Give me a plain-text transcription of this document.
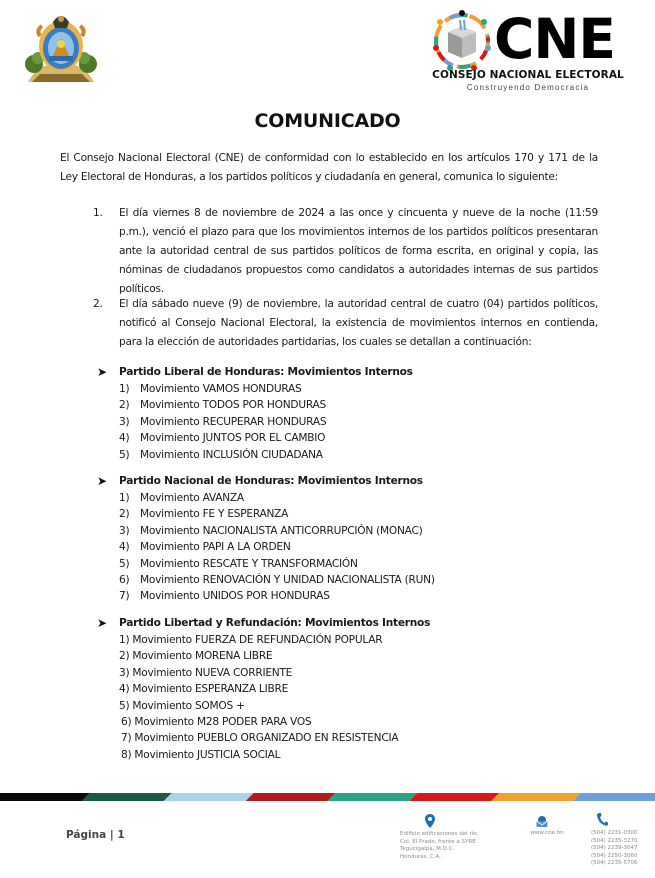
CNE
CONSEJO NACIONAL ELECTORAL
Construyendo Democracia
COMUNICADO
El Consejo Nacional Electoral (CNE) de conformidad con lo establecido en los artículos 170 y 171 de la Ley Electoral de Honduras, a los partidos políticos y ciudadanía en general, comunica lo siguiente:
1. El día viernes 8 de noviembre de 2024 a las once y cincuenta y nueve de la noche (11:59 p.m.), venció el plazo para que los movimientos internos de los partidos políticos presentaran ante la autoridad central de sus partidos políticos de forma escrita, en original y copia, las nóminas de ciudadanos propuestos como candidatos a autoridades internas de sus partidos políticos.
2. El día sábado nueve (9) de noviembre, la autoridad central de cuatro (04) partidos políticos, notificó al Consejo Nacional Electoral, la existencia de movimientos internos en contienda, para la elección de autoridades partidarias, los cuales se detallan a continuación:
➤ Partido Liberal de Honduras: Movimientos Internos
1) Movimiento VAMOS HONDURAS
2) Movimiento TODOS POR HONDURAS
3) Movimiento RECUPERAR HONDURAS
4) Movimiento JUNTOS POR EL CAMBIO
5) Movimiento INCLUSIÓN CIUDADANA
➤ Partido Nacional de Honduras: Movimientos Internos
1) Movimiento AVANZA
2) Movimiento FE Y ESPERANZA
3) Movimiento NACIONALISTA ANTICORRUPCIÓN (MONAC)
4) Movimiento PAPI A LA ORDEN
5) Movimiento RESCATE Y TRANSFORMACIÓN
6) Movimiento RENOVACIÓN Y UNIDAD NACIONALISTA (RUN)
7) Movimiento UNIDOS POR HONDURAS
➤ Partido Libertad y Refundación: Movimientos Internos
1) Movimiento FUERZA DE REFUNDACIÓN POPULAR
2) Movimiento MORENA LIBRE
3) Movimiento NUEVA CORRIENTE
4) Movimiento ESPERANZA LIBRE
5) Movimiento SOMOS +
6) Movimiento M28 PODER PARA VOS
7) Movimiento PUEBLO ORGANIZADO EN RESISTENCIA
8) Movimiento JUSTICIA SOCIAL
Página | 1	Edificio edificaciones del río,
Col. El Prado, frente a SYRE
Tegucigalpa, M.D.C.
Honduras, C.A.
www.cne.hn	(504) 2231-0300
(504) 2235-3270
(504) 2239-3047
(504) 2250-3060
(504) 2235-5706
